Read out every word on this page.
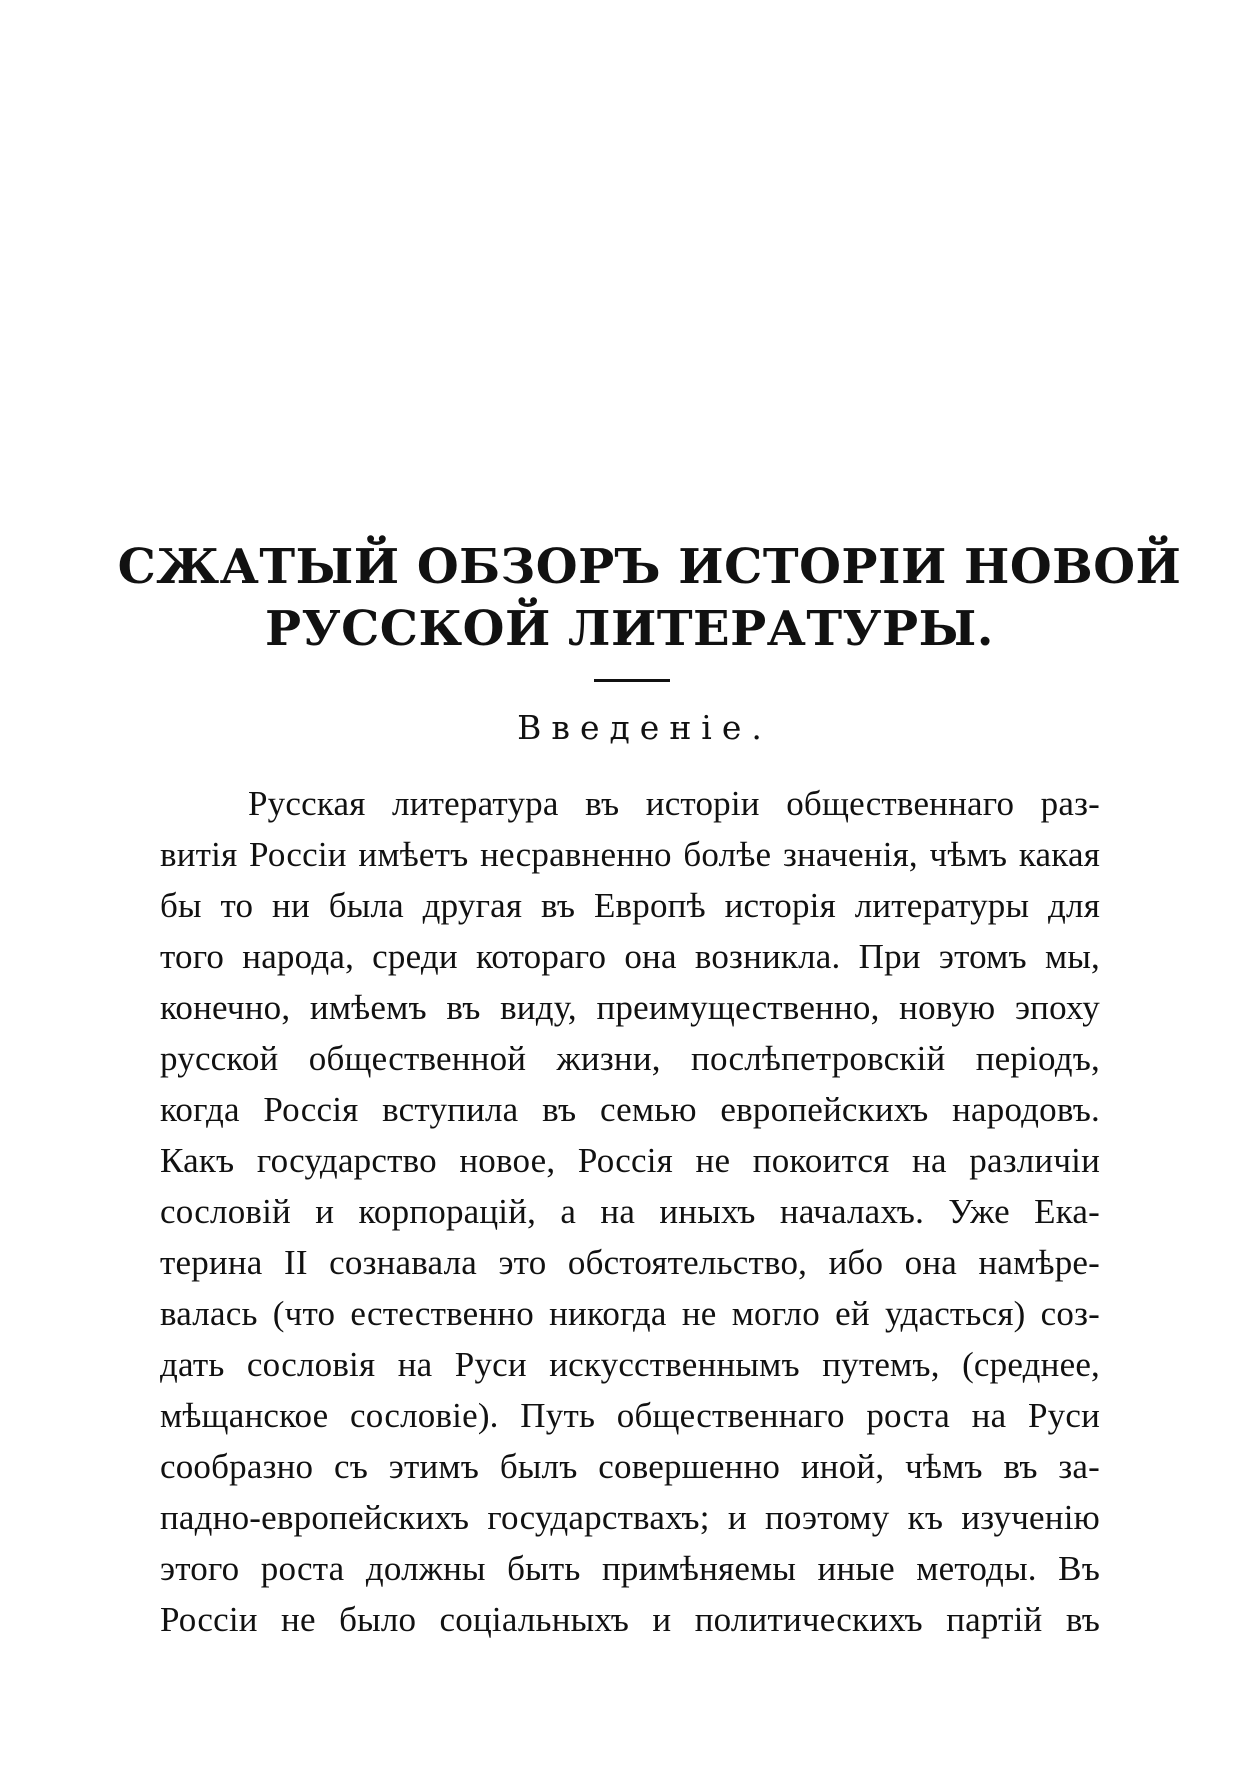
СЖАТЫЙ ОБЗОРЪ ИСТОРІИ НОВОЙ
РУССКОЙ ЛИТЕРАТУРЫ.
Введеніе.
Русская литература въ исторіи общественнаго раз-
витія Россіи имѣетъ несравненно болѣе значенія, чѣмъ какая
бы то ни была другая въ Европѣ исторія литературы для
того народа, среди котораго она возникла. При этомъ мы,
конечно, имѣемъ въ виду, преимущественно, новую эпоху
русской общественной жизни, послѣпетровскій періодъ,
когда Россія вступила въ семью европейскихъ народовъ.
Какъ государство новое, Россія не покоится на различіи
сословій и корпорацій, а на иныхъ началахъ. Уже Ека-
терина II сознавала это обстоятельство, ибо она намѣре-
валась (что естественно никогда не могло ей удасться) соз-
дать сословія на Руси искусственнымъ путемъ, (среднее,
мѣщанское сословіе). Путь общественнаго роста на Руси
сообразно съ этимъ былъ совершенно иной, чѣмъ въ за-
падно-европейскихъ государствахъ; и поэтому къ изученію
этого роста должны быть примѣняемы иные методы. Въ
Россіи не было соціальныхъ и политическихъ партій въ
